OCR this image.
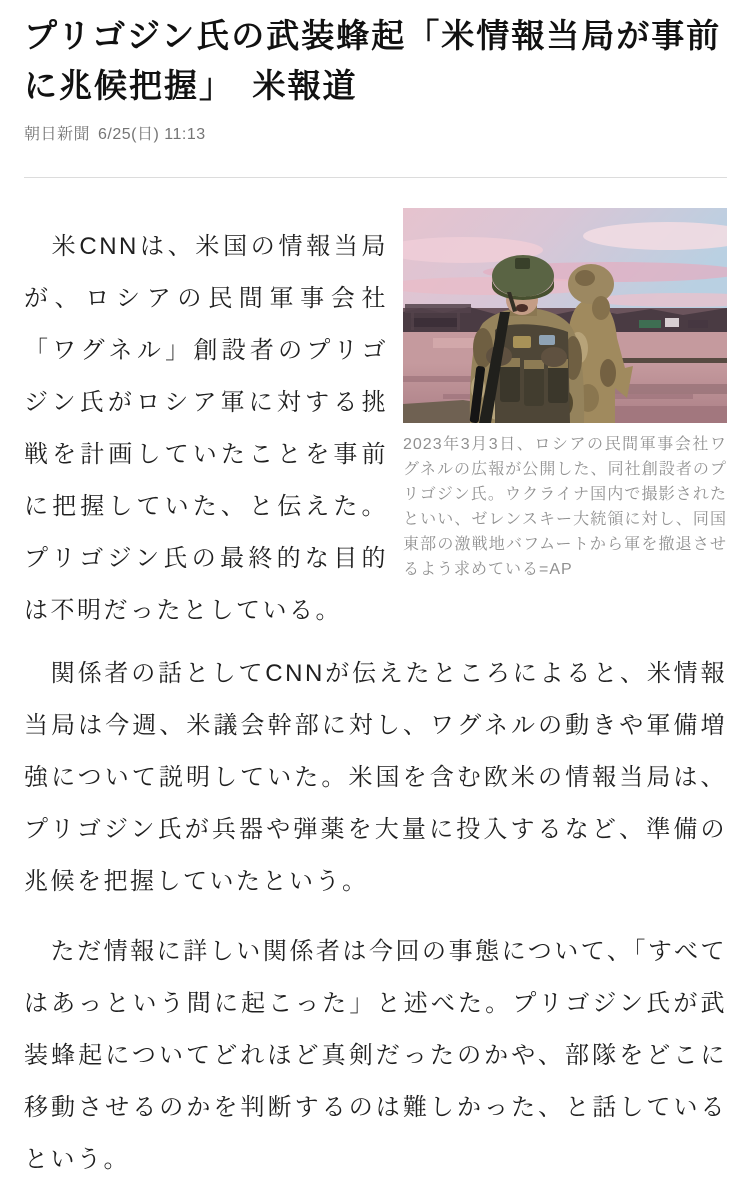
プリゴジン氏の武装蜂起「米情報当局が事前に兆候把握」　米報道
朝日新聞 6/25(日) 11:13

　米CNNは、米国の情報当局が、ロシアの民間軍事会社「ワグネル」創設者のプリゴジン氏がロシア軍に対する挑戦を計画していたことを事前に把握していた、と伝えた。プリゴジン氏の最終的な目的は不明だったとしている。

2023年3月3日、ロシアの民間軍事会社ワグネルの広報が公開した、同社創設者のプリゴジン氏。ウクライナ国内で撮影されたといい、ゼレンスキー大統領に対し、同国東部の激戦地バフムートから軍を撤退させるよう求めている=AP

　関係者の話としてCNNが伝えたところによると、米情報当局は今週、米議会幹部に対し、ワグネルの動きや軍備増強について説明していた。米国を含む欧米の情報当局は、プリゴジン氏が兵器や弾薬を大量に投入するなど、準備の兆候を把握していたという。

　ただ情報に詳しい関係者は今回の事態について、「すべてはあっという間に起こった」と述べた。プリゴジン氏が武装蜂起についてどれほど真剣だったのかや、部隊をどこに移動させるのかを判断するのは難しかった、と話しているという。
